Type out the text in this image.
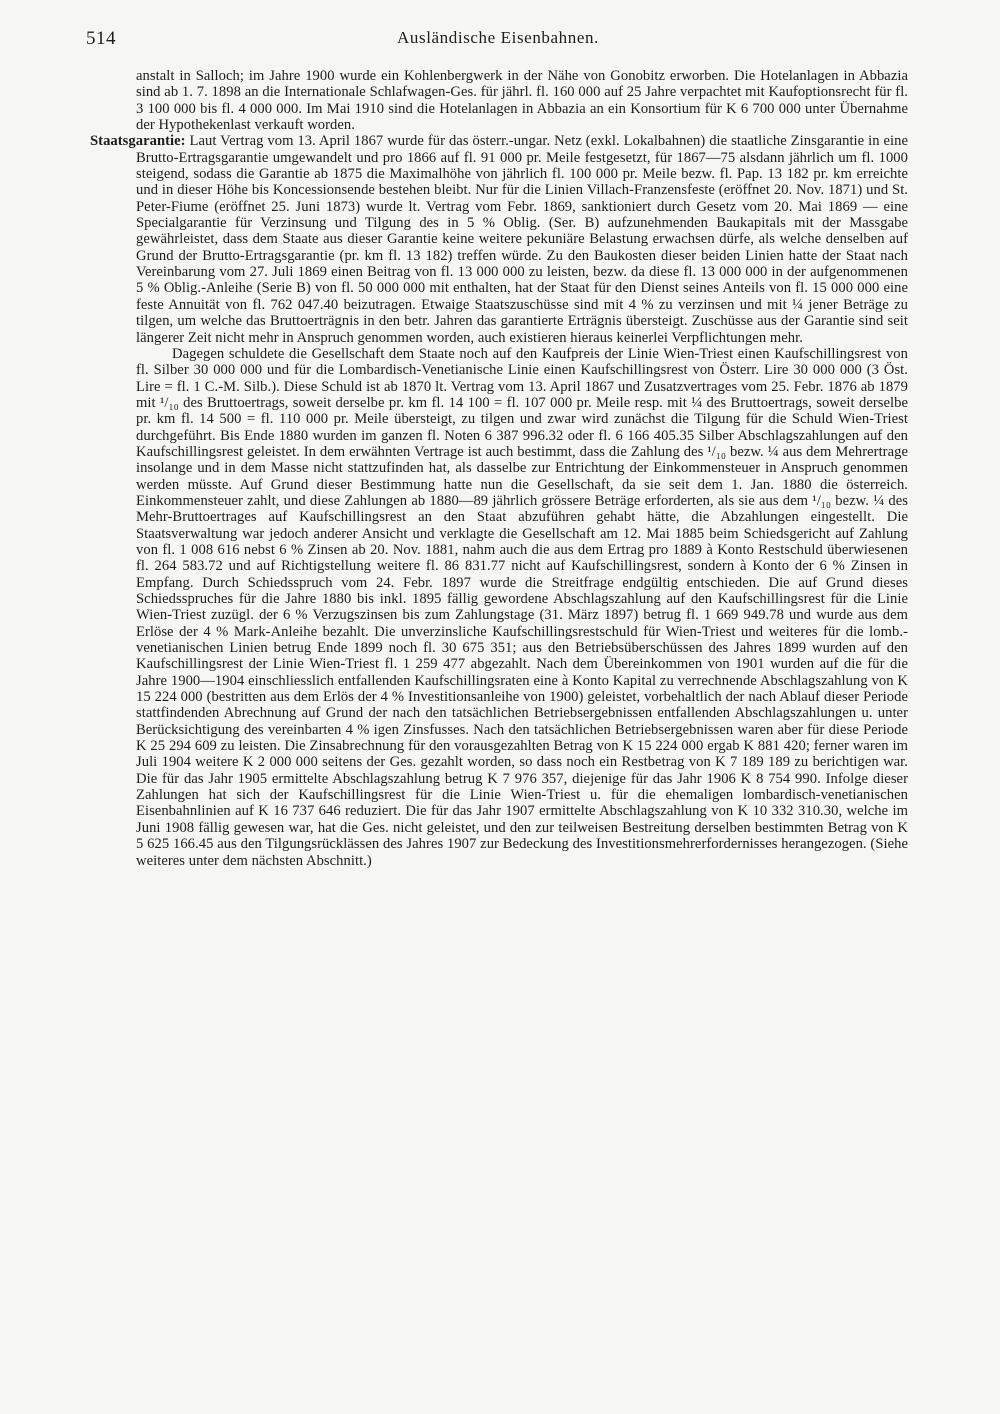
514	Ausländische Eisenbahnen.

anstalt in Salloch; im Jahre 1900 wurde ein Kohlenbergwerk in der Nähe von Gonobitz erworben. Die Hotelanlagen in Abbazia sind ab 1. 7. 1898 an die Internationale Schlafwagen-Ges. für jährl. fl. 160 000 auf 25 Jahre verpachtet mit Kaufoptionsrecht für fl. 3 100 000 bis fl. 4 000 000. Im Mai 1910 sind die Hotelanlagen in Abbazia an ein Konsortium für K 6 700 000 unter Übernahme der Hypothekenlast verkauft worden.

Staatsgarantie: Laut Vertrag vom 13. April 1867 wurde für das österr.-ungar. Netz (exkl. Lokalbahnen) die staatliche Zinsgarantie in eine Brutto-Ertragsgarantie umgewandelt und pro 1866 auf fl. 91 000 pr. Meile festgesetzt, für 1867—75 alsdann jährlich um fl. 1000 steigend, sodass die Garantie ab 1875 die Maximalhöhe von jährlich fl. 100 000 pr. Meile bezw. fl. Pap. 13 182 pr. km erreichte und in dieser Höhe bis Koncessionsende bestehen bleibt. Nur für die Linien Villach-Franzensfeste (eröffnet 20. Nov. 1871) und St. Peter-Fiume (eröffnet 25. Juni 1873) wurde lt. Vertrag vom Febr. 1869, sanktioniert durch Gesetz vom 20. Mai 1869 — eine Specialgarantie für Verzinsung und Tilgung des in 5 % Oblig. (Ser. B) aufzunehmenden Baukapitals mit der Massgabe gewährleistet, dass dem Staate aus dieser Garantie keine weitere pekuniäre Belastung erwachsen dürfe, als welche denselben auf Grund der Brutto-Ertragsgarantie (pr. km fl. 13 182) treffen würde. Zu den Baukosten dieser beiden Linien hatte der Staat nach Vereinbarung vom 27. Juli 1869 einen Beitrag von fl. 13 000 000 zu leisten, bezw. da diese fl. 13 000 000 in der aufgenommenen 5 % Oblig.-Anleihe (Serie B) von fl. 50 000 000 mit enthalten, hat der Staat für den Dienst seines Anteils von fl. 15 000 000 eine feste Annuität von fl. 762 047.40 beizutragen. Etwaige Staatszuschüsse sind mit 4 % zu verzinsen und mit ¼ jener Beträge zu tilgen, um welche das Bruttoerträgnis in den betr. Jahren das garantierte Erträgnis übersteigt. Zuschüsse aus der Garantie sind seit längerer Zeit nicht mehr in Anspruch genommen worden, auch existieren hieraus keinerlei Verpflichtungen mehr.

Dagegen schuldete die Gesellschaft dem Staate noch auf den Kaufpreis der Linie Wien-Triest einen Kaufschillingsrest von fl. Silber 30 000 000 und für die Lombardisch-Venetianische Linie einen Kaufschillingsrest von Österr. Lire 30 000 000 (3 Öst. Lire = fl. 1 C.-M. Silb.). Diese Schuld ist ab 1870 lt. Vertrag vom 13. April 1867 und Zusatzvertrages vom 25. Febr. 1876 ab 1879 mit ¹/₁₀ des Bruttoertrags, soweit derselbe pr. km fl. 14 100 = fl. 107 000 pr. Meile resp. mit ¼ des Bruttoertrags, soweit derselbe pr. km fl. 14 500 = fl. 110 000 pr. Meile übersteigt, zu tilgen und zwar wird zunächst die Tilgung für die Schuld Wien-Triest durchgeführt. Bis Ende 1880 wurden im ganzen fl. Noten 6 387 996.32 oder fl. 6 166 405.35 Silber Abschlagszahlungen auf den Kaufschillingsrest geleistet. In dem erwähnten Vertrage ist auch bestimmt, dass die Zahlung des ¹/₁₀ bezw. ¼ aus dem Mehrertrage insolange und in dem Masse nicht stattzufinden hat, als dasselbe zur Entrichtung der Einkommensteuer in Anspruch genommen werden müsste. Auf Grund dieser Bestimmung hatte nun die Gesellschaft, da sie seit dem 1. Jan. 1880 die österreich. Einkommensteuer zahlt, und diese Zahlungen ab 1880—89 jährlich grössere Beträge erforderten, als sie aus dem ¹/₁₀ bezw. ¼ des Mehr-Bruttoertrages auf Kaufschillingsrest an den Staat abzuführen gehabt hätte, die Abzahlungen eingestellt. Die Staatsverwaltung war jedoch anderer Ansicht und verklagte die Gesellschaft am 12. Mai 1885 beim Schiedsgericht auf Zahlung von fl. 1 008 616 nebst 6 % Zinsen ab 20. Nov. 1881, nahm auch die aus dem Ertrag pro 1889 à Konto Restschuld überwiesenen fl. 264 583.72 und auf Richtigstellung weitere fl. 86 831.77 nicht auf Kaufschillingsrest, sondern à Konto der 6 % Zinsen in Empfang. Durch Schiedsspruch vom 24. Febr. 1897 wurde die Streitfrage endgültig entschieden. Die auf Grund dieses Schiedsspruches für die Jahre 1880 bis inkl. 1895 fällig gewordene Abschlagszahlung auf den Kaufschillingsrest für die Linie Wien-Triest zuzügl. der 6 % Verzugszinsen bis zum Zahlungstage (31. März 1897) betrug fl. 1 669 949.78 und wurde aus dem Erlöse der 4 % Mark-Anleihe bezahlt. Die unverzinsliche Kaufschillingsrestschuld für Wien-Triest und weiteres für die lomb.-venetianischen Linien betrug Ende 1899 noch fl. 30 675 351; aus den Betriebsüberschüssen des Jahres 1899 wurden auf den Kaufschillingsrest der Linie Wien-Triest fl. 1 259 477 abgezahlt. Nach dem Übereinkommen von 1901 wurden auf die für die Jahre 1900—1904 einschliesslich entfallenden Kaufschillingsraten eine à Konto Kapital zu verrechnende Abschlagszahlung von K 15 224 000 (bestritten aus dem Erlös der 4 % Investitionsanleihe von 1900) geleistet, vorbehaltlich der nach Ablauf dieser Periode stattfindenden Abrechnung auf Grund der nach den tatsächlichen Betriebsergebnissen entfallenden Abschlagszahlungen u. unter Berücksichtigung des vereinbarten 4 % igen Zinsfusses. Nach den tatsächlichen Betriebsergebnissen waren aber für diese Periode K 25 294 609 zu leisten. Die Zinsabrechnung für den vorausgezahlten Betrag von K 15 224 000 ergab K 881 420; ferner waren im Juli 1904 weitere K 2 000 000 seitens der Ges. gezahlt worden, so dass noch ein Restbetrag von K 7 189 189 zu berichtigen war. Die für das Jahr 1905 ermittelte Abschlagszahlung betrug K 7 976 357, diejenige für das Jahr 1906 K 8 754 990. Infolge dieser Zahlungen hat sich der Kaufschillingsrest für die Linie Wien-Triest u. für die ehemaligen lombardisch-venetianischen Eisenbahnlinien auf K 16 737 646 reduziert. Die für das Jahr 1907 ermittelte Abschlagszahlung von K 10 332 310.30, welche im Juni 1908 fällig gewesen war, hat die Ges. nicht geleistet, und den zur teilweisen Bestreitung derselben bestimmten Betrag von K 5 625 166.45 aus den Tilgungsrücklässen des Jahres 1907 zur Bedeckung des Investitionsmehrerfordernisses herangezogen. (Siehe weiteres unter dem nächsten Abschnitt.)
